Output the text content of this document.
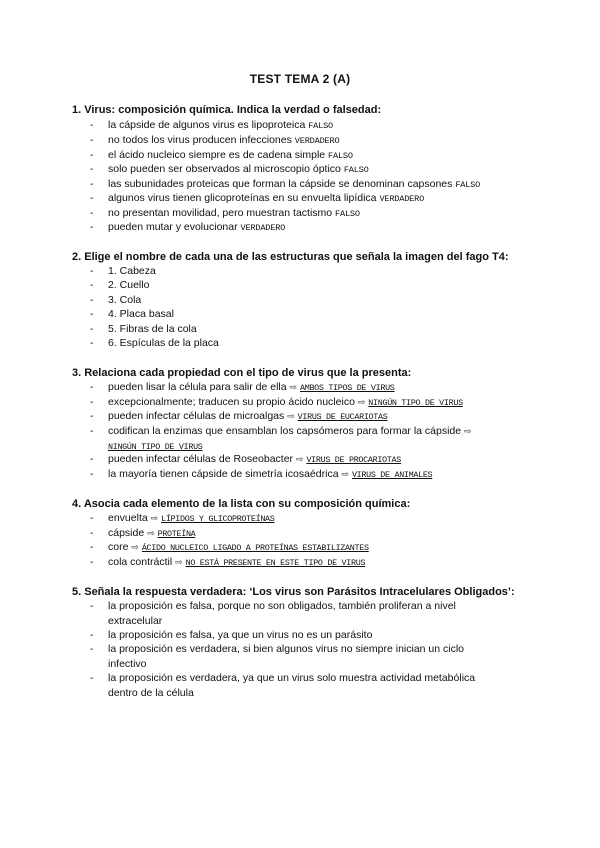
TEST TEMA 2 (A)
1. Virus: composición química. Indica la verdad o falsedad:
- la cápside de algunos virus es lipoproteica FALSO
- no todos los virus producen infecciones VERDADERO
- el ácido nucleico siempre es de cadena simple FALSO
- solo pueden ser observados al microscopio óptico FALSO
- las subunidades proteicas que forman la cápside se denominan capsones FALSO
- algunos virus tienen glicoproteínas en su envuelta lipídica VERDADERO
- no presentan movilidad, pero muestran tactismo FALSO
- pueden mutar y evolucionar VERDADERO
2. Elige el nombre de cada una de las estructuras que señala la imagen del fago T4:
- 1. Cabeza
- 2. Cuello
- 3. Cola
- 4. Placa basal
- 5. Fibras de la cola
- 6. Espículas de la placa
3. Relaciona cada propiedad con el tipo de virus que la presenta:
- pueden lisar la célula para salir de ella ⇨ AMBOS TIPOS DE VIRUS
- excepcionalmente; traducen su propio ácido nucleico ⇨ NINGÚN TIPO DE VIRUS
- pueden infectar células de microalgas ⇨ VIRUS DE EUCARIOTAS
- codifican la enzimas que ensamblan los capsómeros para formar la cápside ⇨
NINGÚN TIPO DE VIRUS
- pueden infectar células de Roseobacter ⇨ VIRUS DE PROCARIOTAS
- la mayoría tienen cápside de simetría icosaédrica ⇨ VIRUS DE ANIMALES
4. Asocia cada elemento de la lista con su composición química:
- envuelta ⇨ LÍPIDOS Y GLICOPROTEÍNAS
- cápside ⇨ PROTEÍNA
- core ⇨ ÁCIDO NUCLEICO LIGADO A PROTEÍNAS ESTABILIZANTES
- cola contráctil ⇨ NO ESTÁ PRESENTE EN ESTE TIPO DE VIRUS
5. Señala la respuesta verdadera: ‘Los virus son Parásitos Intracelulares Obligados’:
- la proposición es falsa, porque no son obligados, también proliferan a nivel
extracelular
- la proposición es falsa, ya que un virus no es un parásito
- la proposición es verdadera, si bien algunos virus no siempre inician un ciclo
infectivo
- la proposición es verdadera, ya que un virus solo muestra actividad metabólica
dentro de la célula
